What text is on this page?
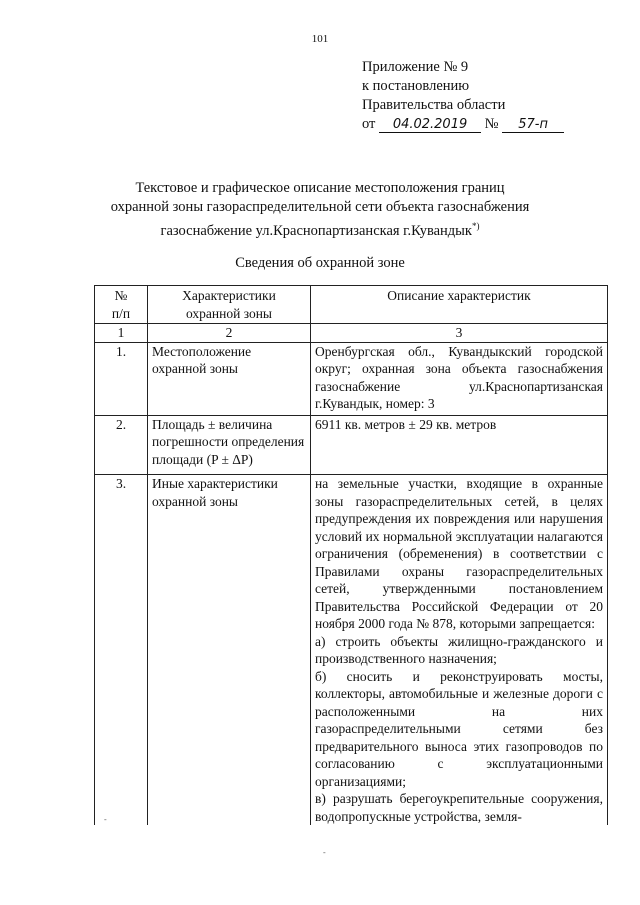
101
Приложение № 9
к постановлению
Правительства области
от 04.02.2019 № 57-п
Текстовое и графическое описание местоположения границ
охранной зоны газораспределительной сети объекта газоснабжения
газоснабжение ул.Краснопартизанская г.Кувандык*)
Сведения об охранной зоне
№ п/п	Характеристики охранной зоны	Описание характеристик
1	2	3
1.	Местоположение охранной зоны	Оренбургская обл., Кувандыкский городской округ; охранная зона объекта газоснабжения газоснабжение ул.Краснопартизанская г.Кувандык, номер: 3
2.	Площадь ± величина погрешности определения площади (P ± ΔP)	6911 кв. метров ± 29 кв. метров
3.	Иные характеристики охранной зоны	на земельные участки, входящие в охранные зоны газораспределительных сетей, в целях предупреждения их повреждения или нарушения условий их нормальной эксплуатации налагаются ограничения (обременения) в соответствии с Правилами охраны газораспределительных сетей, утвержденными постановлением Правительства Российской Федерации от 20 ноября 2000 года № 878, которыми запрещается:
а) строить объекты жилищно-гражданского и производственного назначения;
б) сносить и реконструировать мосты, коллекторы, автомобильные и железные дороги с расположенными на них газораспределительными сетями без предварительного выноса этих газопроводов по согласованию с эксплуатационными организациями;
в) разрушать берегоукрепительные сооружения, водопропускные устройства, земля-
-
-
